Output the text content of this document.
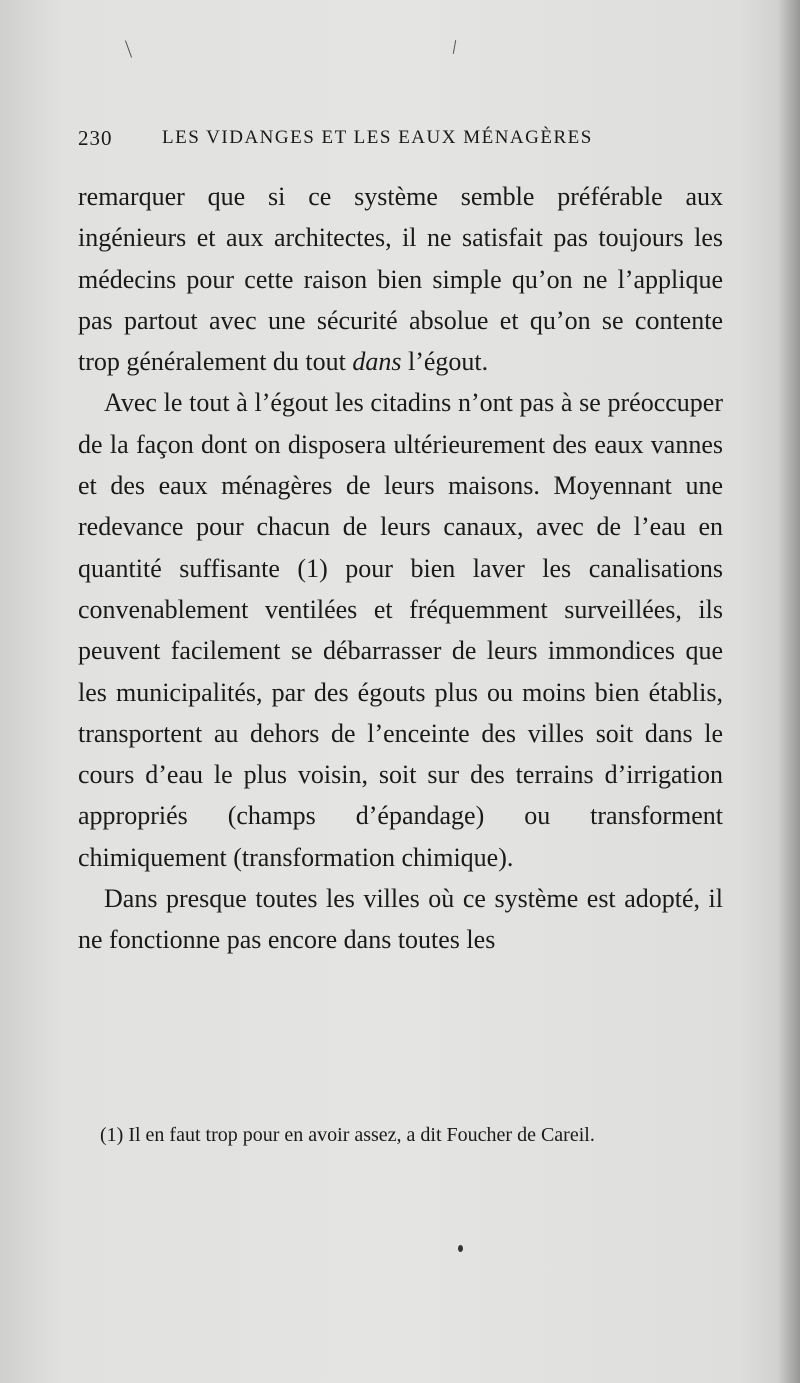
230	LES VIDANGES ET LES EAUX MÉNAGÈRES

remarquer que si ce système semble préférable aux ingénieurs et aux architectes, il ne satisfait pas toujours les médecins pour cette raison bien simple qu’on ne l’applique pas partout avec une sécurité absolue et qu’on se contente trop généralement du tout dans l’égout.

Avec le tout à l’égout les citadins n’ont pas à se préoccuper de la façon dont on disposera ultérieurement des eaux vannes et des eaux ménagères de leurs maisons. Moyennant une redevance pour chacun de leurs canaux, avec de l’eau en quantité suffisante (1) pour bien laver les canalisations convenablement ventilées et fréquemment surveillées, ils peuvent facilement se débarrasser de leurs immondices que les municipalités, par des égouts plus ou moins bien établis, transportent au dehors de l’enceinte des villes soit dans le cours d’eau le plus voisin, soit sur des terrains d’irrigation appropriés (champs d’épandage) ou transforment chimiquement (transformation chimique).

Dans presque toutes les villes où ce système est adopté, il ne fonctionne pas encore dans toutes les

(1) Il en faut trop pour en avoir assez, a dit Foucher de Careil.
